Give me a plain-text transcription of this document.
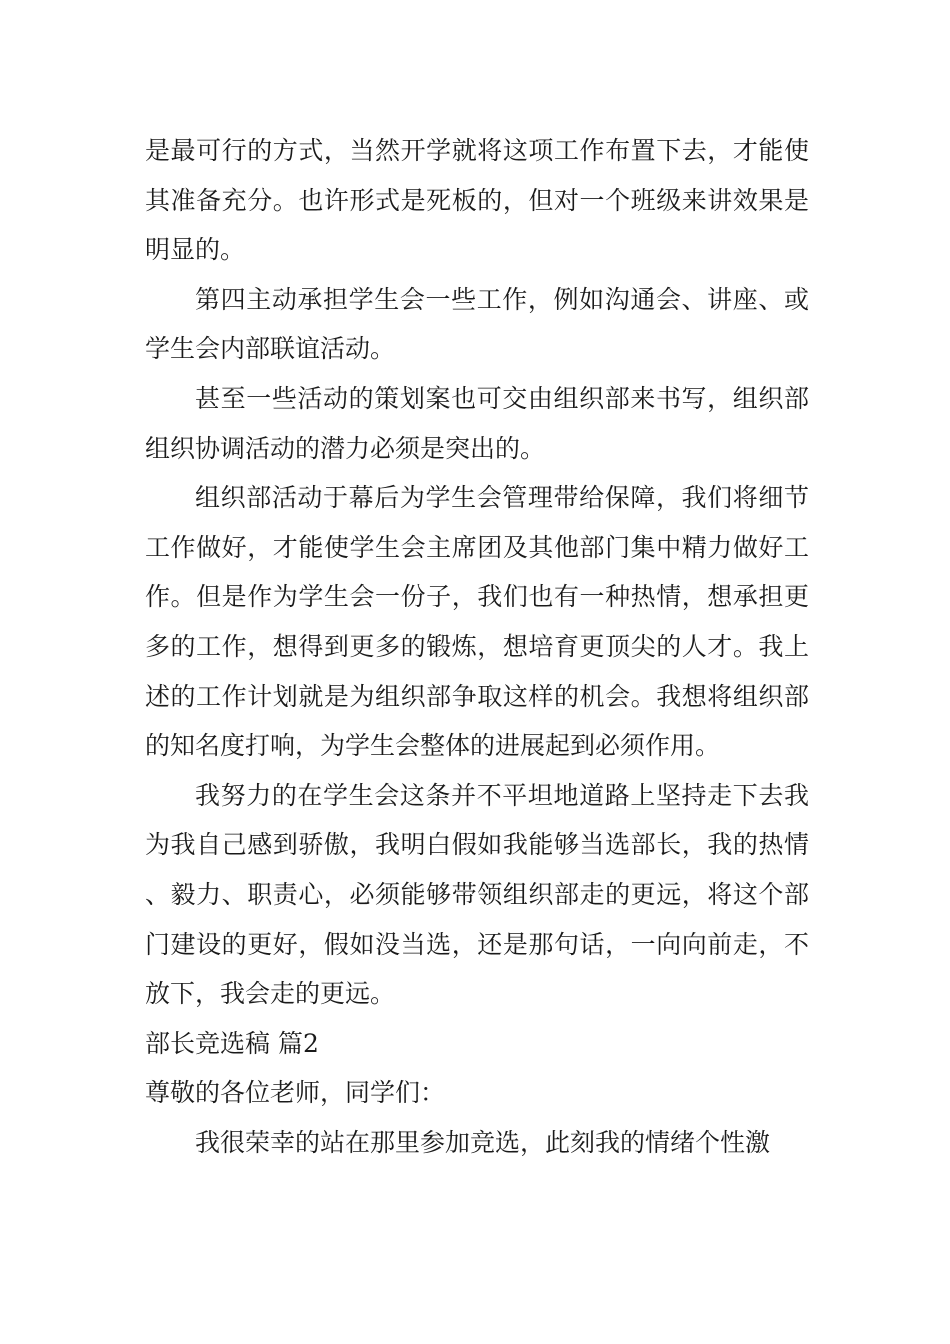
是最可行的方式，当然开学就将这项工作布置下去，才能使其准备充分。也许形式是死板的，但对一个班级来讲效果是明显的。

第四主动承担学生会一些工作，例如沟通会、讲座、或学生会内部联谊活动。

甚至一些活动的策划案也可交由组织部来书写，组织部组织协调活动的潜力必须是突出的。

组织部活动于幕后为学生会管理带给保障，我们将细节工作做好，才能使学生会主席团及其他部门集中精力做好工作。但是作为学生会一份子，我们也有一种热情，想承担更多的工作，想得到更多的锻炼，想培育更顶尖的人才。我上述的工作计划就是为组织部争取这样的机会。我想将组织部的知名度打响，为学生会整体的进展起到必须作用。

我努力的在学生会这条并不平坦地道路上坚持走下去我为我自己感到骄傲，我明白假如我能够当选部长，我的热情、毅力、职责心，必须能够带领组织部走的更远，将这个部门建设的更好，假如没当选，还是那句话，一向向前走，不放下，我会走的更远。

部长竞选稿 篇2

尊敬的各位老师，同学们：

我很荣幸的站在那里参加竞选，此刻我的情绪个性激
